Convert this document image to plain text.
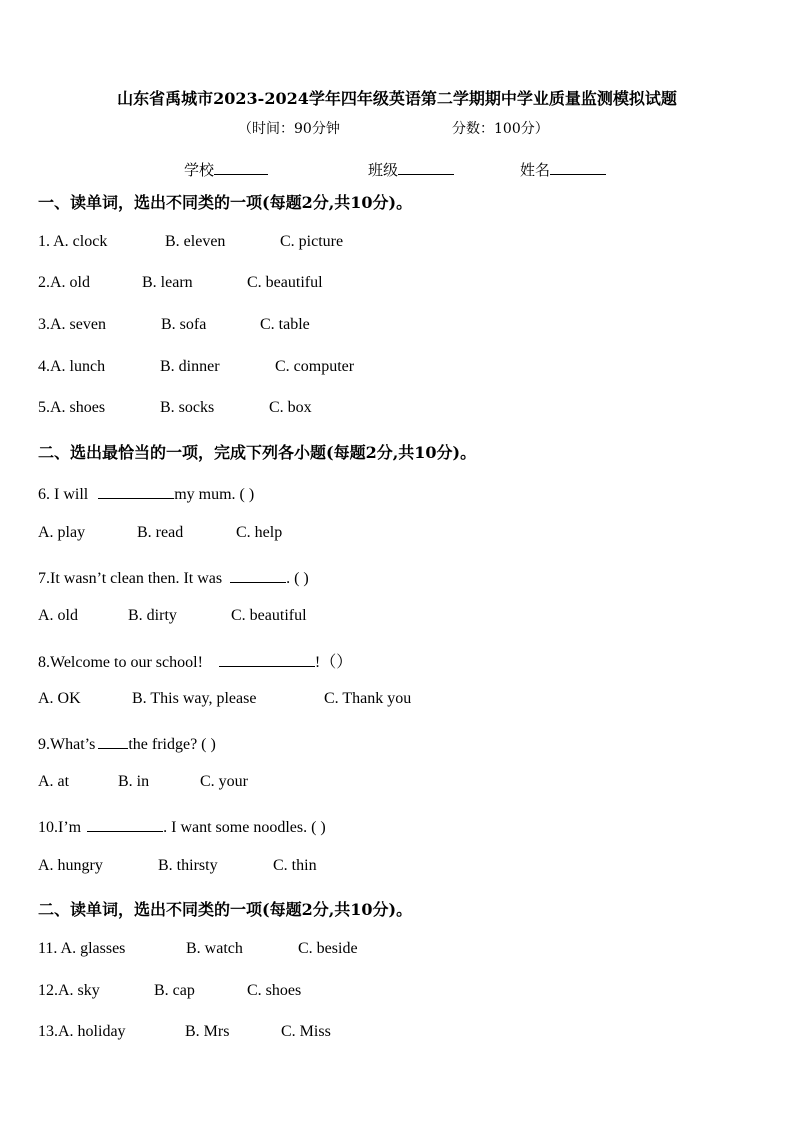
山东省禹城市2023-2024学年四年级英语第二学期期中学业质量监测模拟试题
（时间：90分钟	分数：100分）
学校	班级	姓名
一、读单词，选出不同类的一项(每题2分,共10分)。
1. A. clock	B. eleven	C. picture
2.A. old	B. learn	C. beautiful
3.A. seven	B. sofa	C. table
4.A. lunch	B. dinner	C. computer
5.A. shoes	B. socks	C. box
二、选出最恰当的一项，完成下列各小题(每题2分,共10分)。
6. I will	my mum. ( )
A. play	B. read	C. help
7.It wasn’t clean then. It was	. ( )
A. old	B. dirty	C. beautiful
8.Welcome to our school!	!（）
A. OK	B. This way, please	C. Thank you
9.What’s the fridge? ( )
A. at	B. in	C. your
10.I’m	. I want some noodles. ( )
A. hungry	B. thirsty	C. thin
二、读单词，选出不同类的一项(每题2分,共10分)。
11. A. glasses	B. watch	C. beside
12.A. sky	B. cap	C. shoes
13.A. holiday	B. Mrs	C. Miss
